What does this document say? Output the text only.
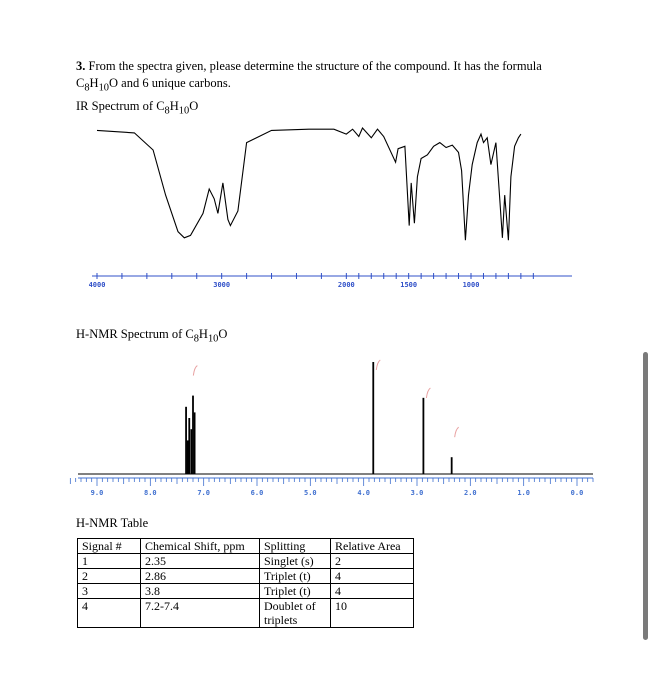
3. From the spectra given, please determine the structure of the compound. It has the formula
$C_8H_{10}O$ and 6 unique carbons.
IR Spectrum of $C_8H_{10}O$
4000	3000	2000	1500	1000
H-NMR Spectrum of $C_8H_{10}O$
9.0	8.0	7.0	6.0	5.0	4.0	3.0	2.0	1.0	0.0
H-NMR Table
Signal #	Chemical Shift, ppm	Splitting	Relative Area
1	2.35	Singlet (s)	2
2	2.86	Triplet (t)	4
3	3.8	Triplet (t)	4
4	7.2-7.4	Doublet of triplets	10
